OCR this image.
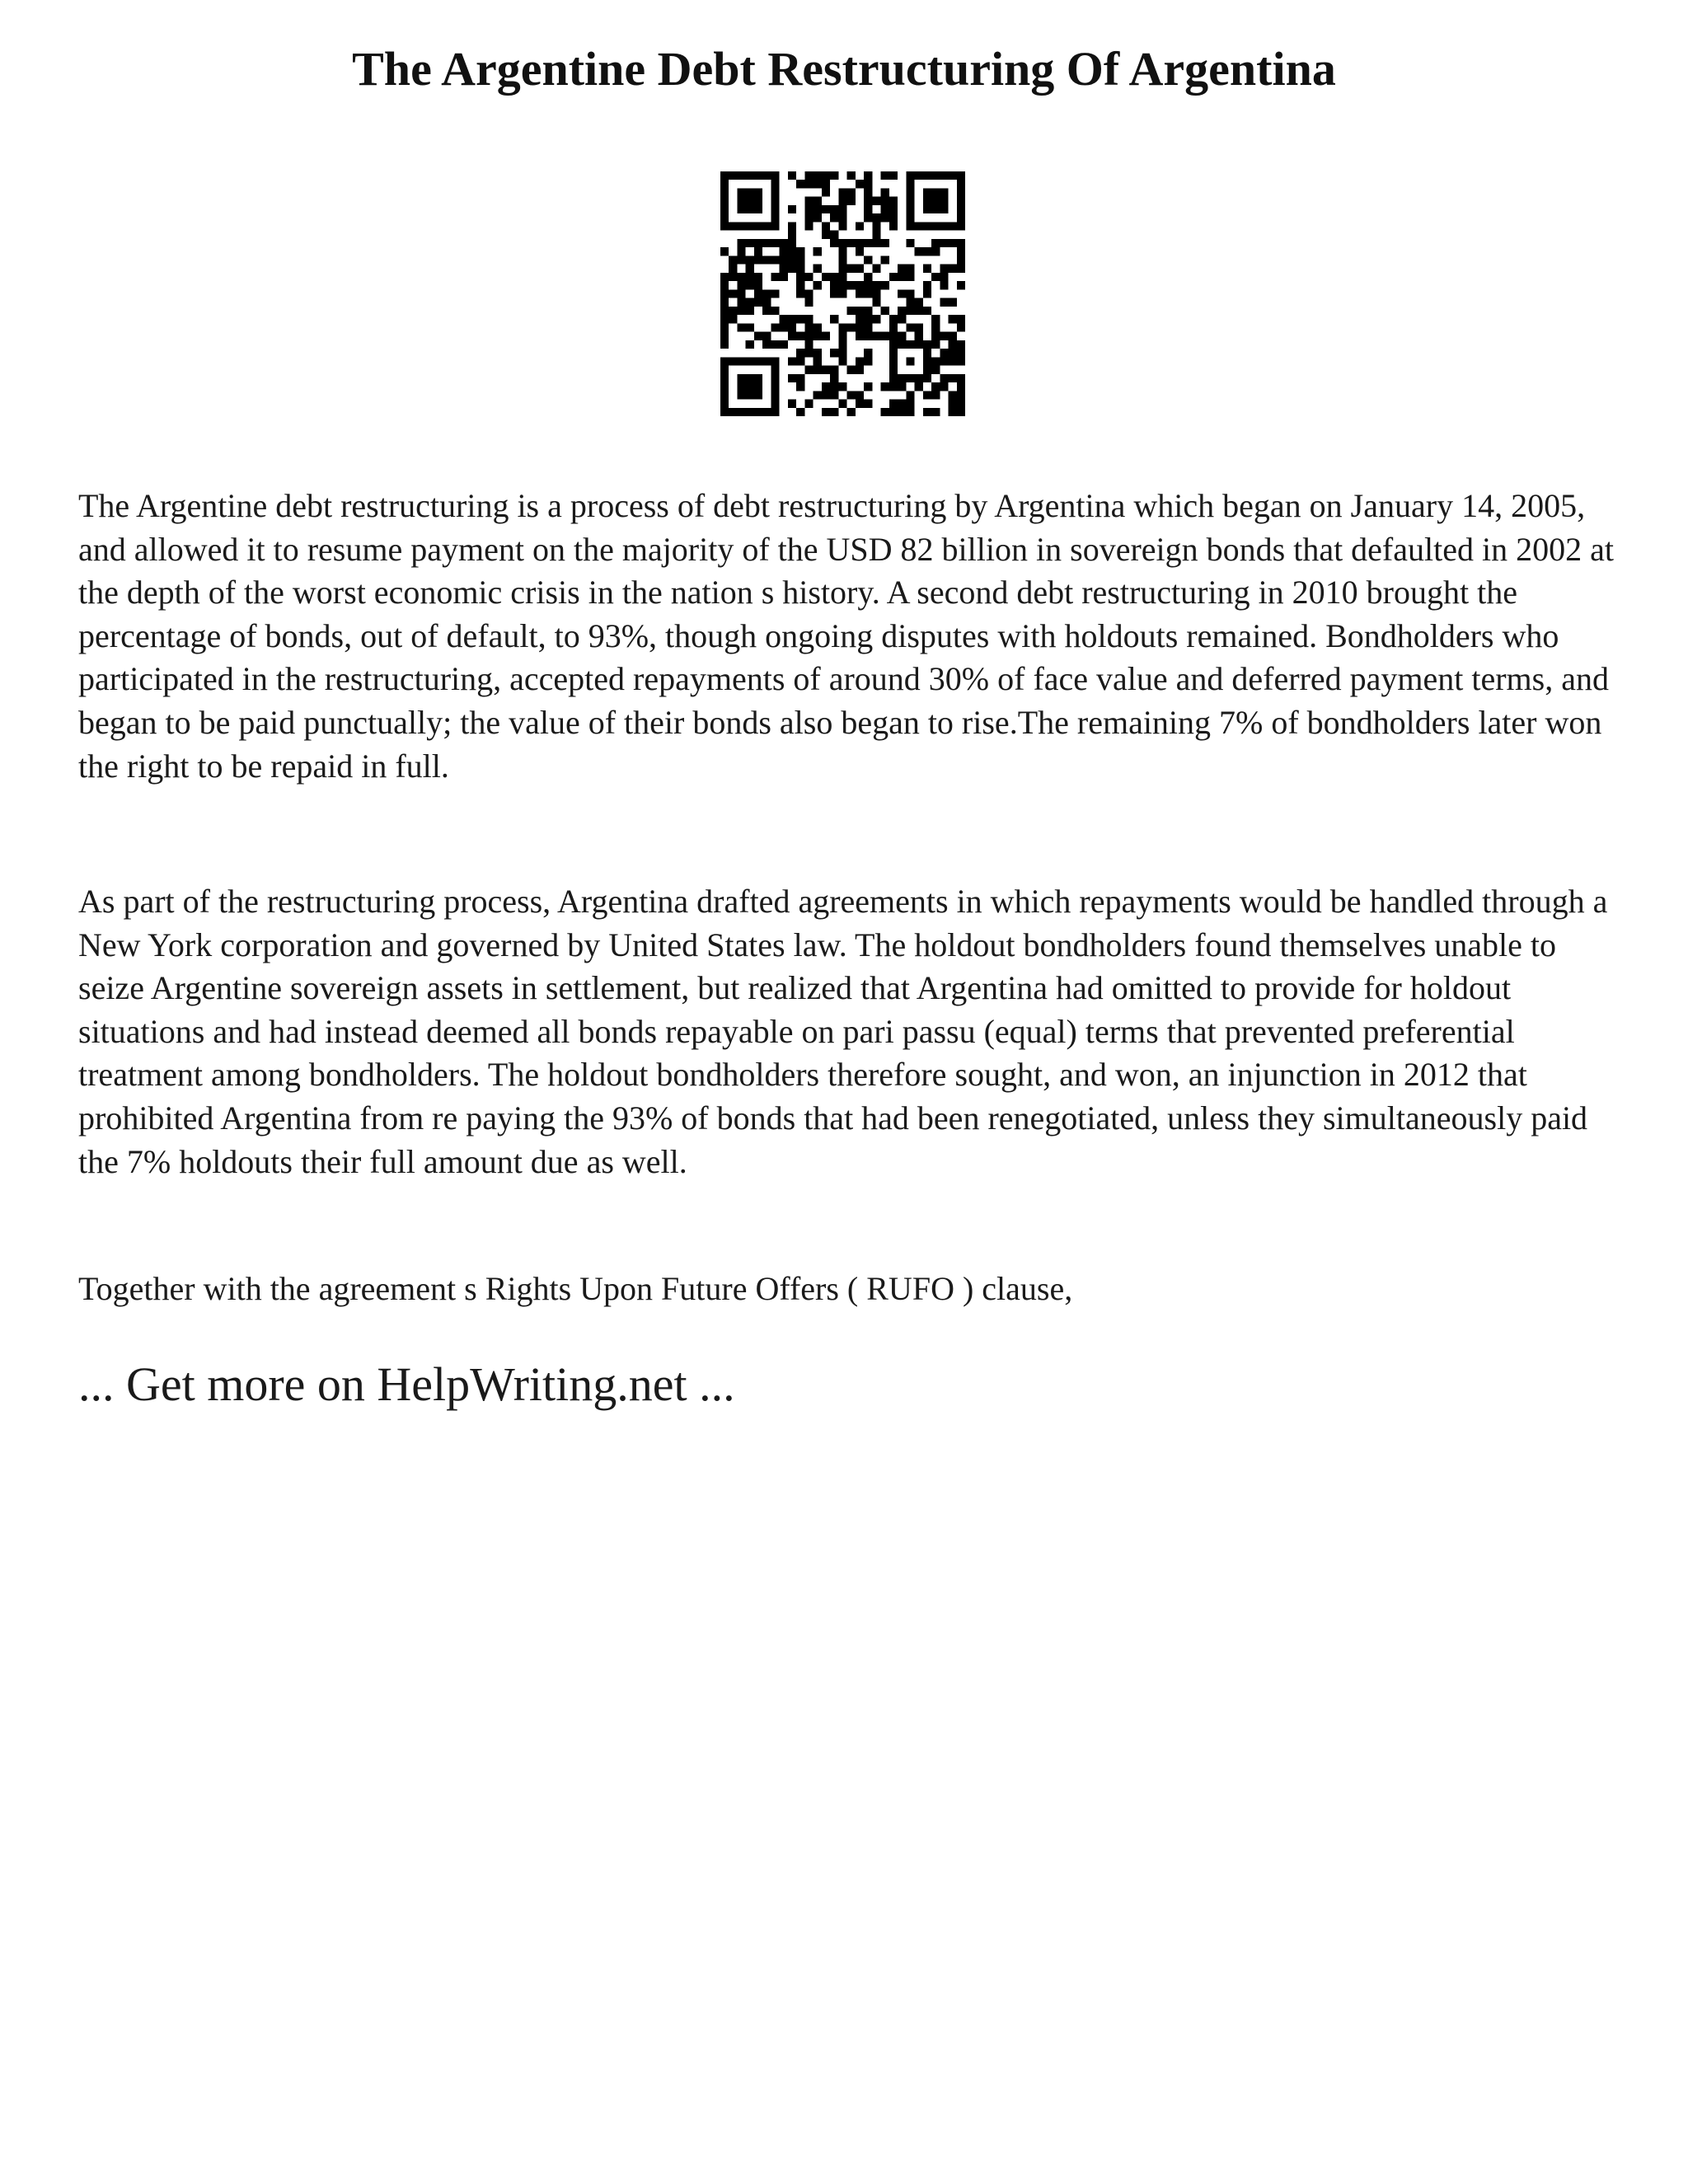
The Argentine Debt Restructuring Of Argentina

The Argentine debt restructuring is a process of debt restructuring by Argentina which began on January 14, 2005, and allowed it to resume payment on the majority of the USD 82 billion in sovereign bonds that defaulted in 2002 at the depth of the worst economic crisis in the nation s history. A second debt restructuring in 2010 brought the percentage of bonds, out of default, to 93%, though ongoing disputes with holdouts remained. Bondholders who participated in the restructuring, accepted repayments of around 30% of face value and deferred payment terms, and began to be paid punctually; the value of their bonds also began to rise.The remaining 7% of bondholders later won the right to be repaid in full.

As part of the restructuring process, Argentina drafted agreements in which repayments would be handled through a New York corporation and governed by United States law. The holdout bondholders found themselves unable to seize Argentine sovereign assets in settlement, but realized that Argentina had omitted to provide for holdout situations and had instead deemed all bonds repayable on pari passu (equal) terms that prevented preferential treatment among bondholders. The holdout bondholders therefore sought, and won, an injunction in 2012 that prohibited Argentina from re paying the 93% of bonds that had been renegotiated, unless they simultaneously paid the 7% holdouts their full amount due as well.

Together with the agreement s Rights Upon Future Offers ( RUFO ) clause,

... Get more on HelpWriting.net ...
